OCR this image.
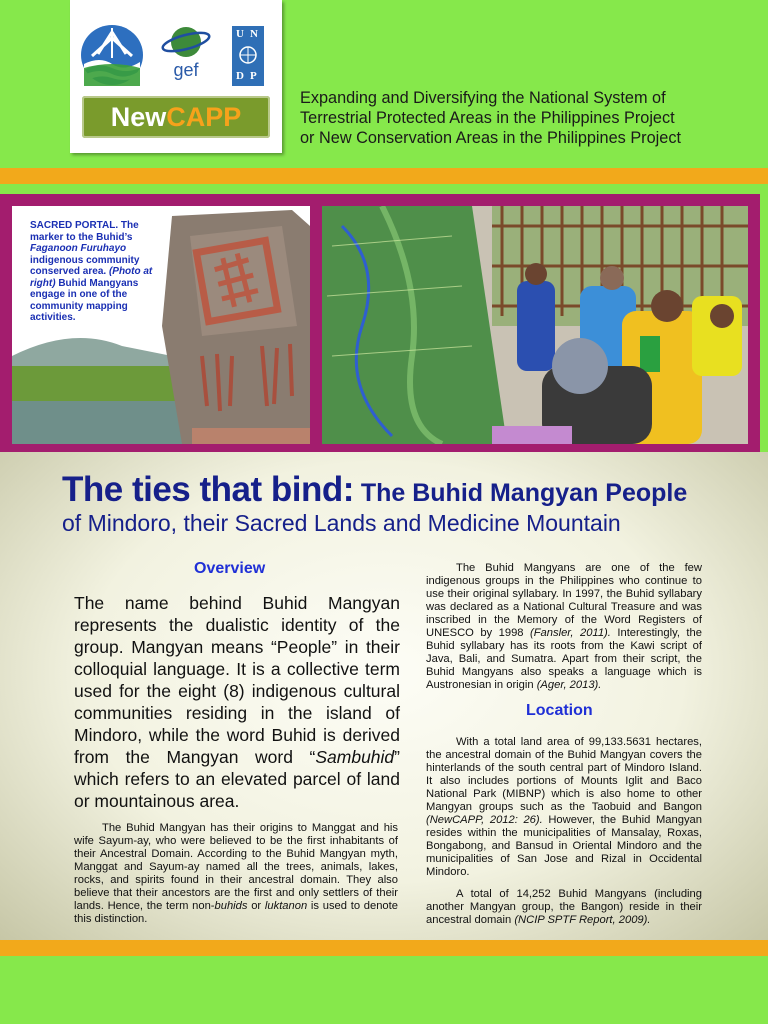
gef
U N
D P
NewCAPP
Expanding and Diversifying the National System of
Terrestrial Protected Areas in the Philippines Project
or New Conservation Areas in the Philippines Project
SACRED PORTAL. The marker to the Buhid’s Faganoon Furuhayo indigenous community conserved area. (Photo at right) Buhid Mangyans engage in one of the community mapping activities.
The ties that bind: The Buhid Mangyan People
of Mindoro, their Sacred Lands and Medicine Mountain
Overview
The name behind Buhid Mangyan represents the dualistic identity of the group. Mangyan means “People” in their colloquial language. It is a collective term used for the eight (8) indigenous cultural communities residing in the island of Mindoro, while the word Buhid is derived from the Mangyan word “Sambuhid” which refers to an elevated parcel of land or mountainous area.
The Buhid Mangyan has their origins to Manggat and his wife Sayum-ay, who were believed to be the first inhabitants of their Ancestral Domain. According to the Buhid Mangyan myth, Manggat and Sayum-ay named all the trees, animals, lakes, rocks, and spirits found in their ancestral domain. They also believe that their ancestors are the first and only settlers of their lands. Hence, the term non-buhids or luktanon is used to denote this distinction.
The Buhid Mangyans are one of the few indigenous groups in the Philippines who continue to use their original syllabary. In 1997, the Buhid syllabary was declared as a National Cultural Treasure and was inscribed in the Memory of the Word Registers of UNESCO by 1998 (Fansler, 2011). Interestingly, the Buhid syllabary has its roots from the Kawi script of Java, Bali, and Sumatra. Apart from their script, the Buhid Mangyans also speaks a language which is Austronesian in origin (Ager, 2013).
Location
With a total land area of 99,133.5631 hectares, the ancestral domain of the Buhid Mangyan covers the hinterlands of the south central part of Mindoro Island. It also includes portions of Mounts Iglit and Baco National Park (MIBNP) which is also home to other Mangyan groups such as the Taobuid and Bangon (NewCAPP, 2012: 26). However, the Buhid Mangyan resides within the municipalities of Mansalay, Roxas, Bongabong, and Bansud in Oriental Mindoro and the municipalities of San Jose and Rizal in Occidental Mindoro.
A total of 14,252 Buhid Mangyans (including another Mangyan group, the Bangon) reside in their ancestral domain (NCIP SPTF Report, 2009).
